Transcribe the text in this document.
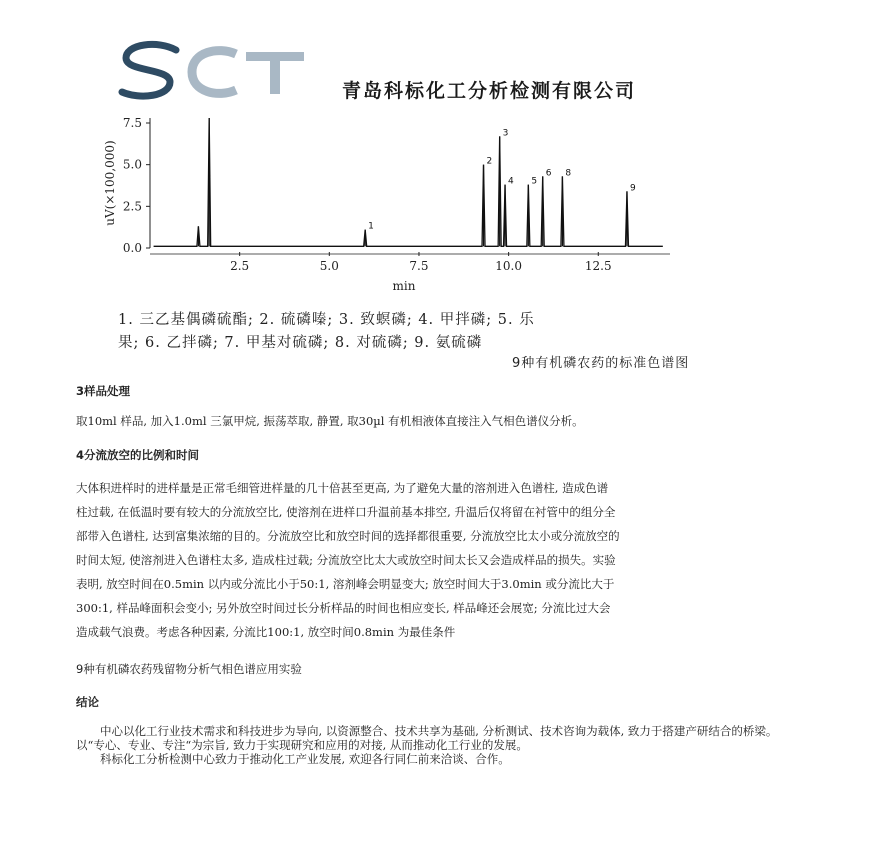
青岛科标化工分析检测有限公司
0.0
2.5
5.0
7.5
2.5	5.0	7.5	10.0	12.5
min
uV(×100,000)
1
2
3
4 5
6 8
9
1. 三乙基偶磷硫酯; 2. 硫磷嗪; 3. 致螟磷; 4. 甲拌磷; 5. 乐
果; 6. 乙拌磷; 7. 甲基对硫磷; 8. 对硫磷; 9. 氨硫磷
9种有机磷农药的标准色谱图
3样品处理
取10ml 样品, 加入1.0ml 三氯甲烷, 振荡萃取, 静置, 取30µl 有机相液体直接注入气相色谱仪分析。
4分流放空的比例和时间

大体积进样时的进样量是正常毛细管进样量的几十倍甚至更高, 为了避免大量的溶剂进入色谱柱, 造成色谱

柱过载, 在低温时要有较大的分流放空比, 使溶剂在进样口升温前基本排空, 升温后仅将留在衬管中的组分全

部带入色谱柱, 达到富集浓缩的目的。分流放空比和放空时间的选择都很重要, 分流放空比太小或分流放空的

时间太短, 使溶剂进入色谱柱太多, 造成柱过载; 分流放空比太大或放空时间太长又会造成样品的损失。实验

表明, 放空时间在0.5min 以内或分流比小于50:1, 溶剂峰会明显变大; 放空时间大于3.0min 或分流比大于

300:1, 样品峰面积会变小; 另外放空时间过长分析样品的时间也相应变长, 样品峰还会展宽; 分流比过大会

造成载气浪费。考虑各种因素, 分流比100:1, 放空时间0.8min 为最佳条件

9种有机磷农药残留物分析气相色谱应用实验
结论

中心以化工行业技术需求和科技进步为导向, 以资源整合、技术共享为基础, 分析测试、技术咨询为载体, 致力于搭建产研结合的桥梁。以“专心、专业、专注“为宗旨, 致力于实现研究和应用的对接, 从而推动化工行业的发展。

科标化工分析检测中心致力于推动化工产业发展, 欢迎各行同仁前来洽谈、合作。
